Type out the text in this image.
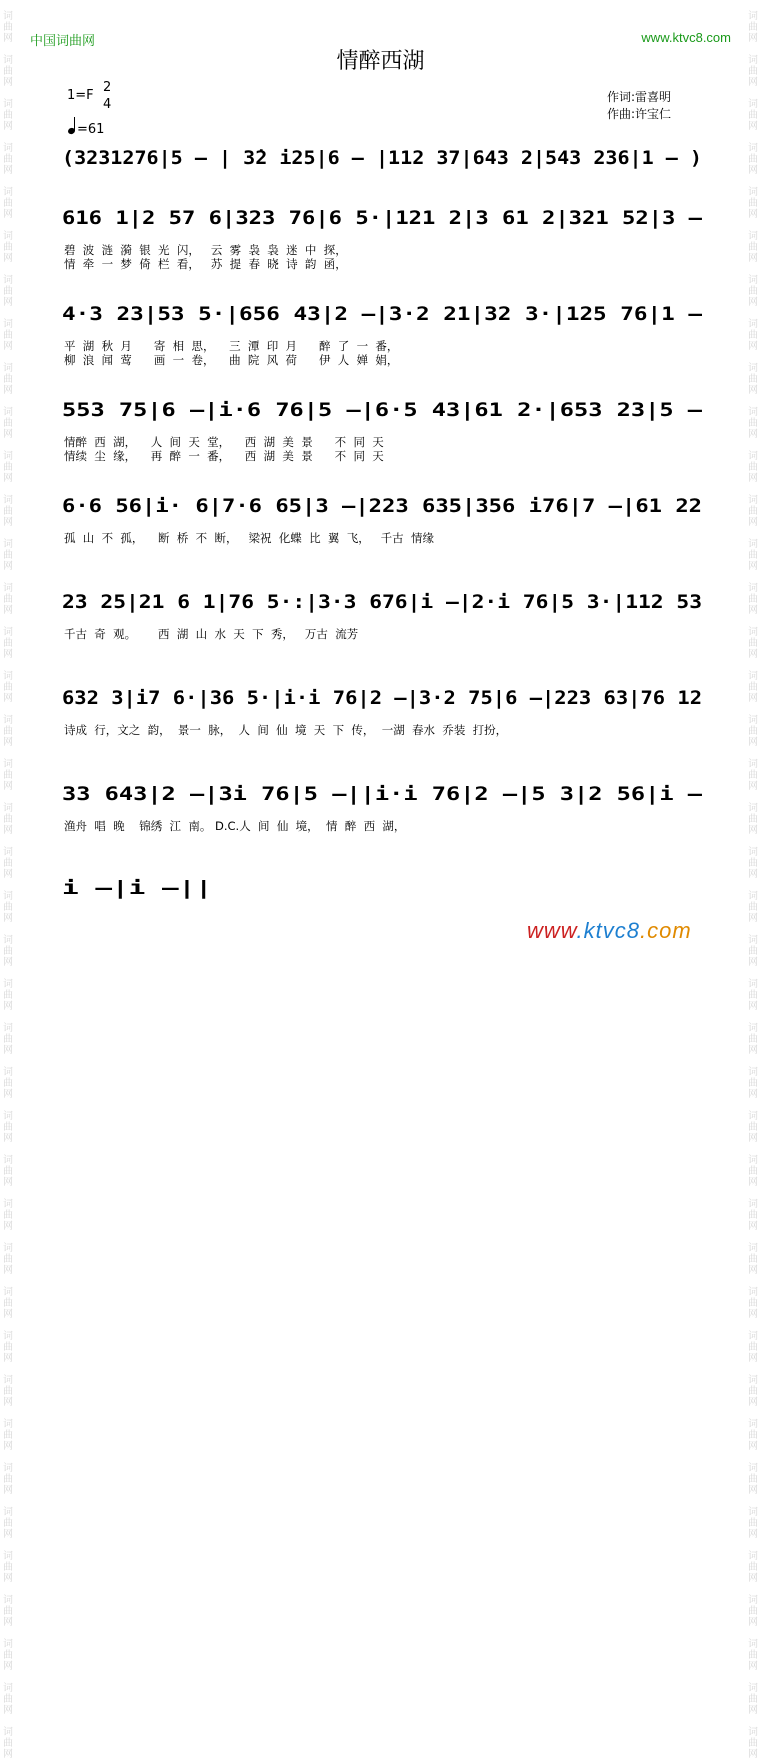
词
曲
网

词
曲
网

词
曲
网

词
曲
网

词
曲
网

词
曲
网

词
曲
网

词
曲
网

词
曲
网

词
曲
网

词
曲
网

词
曲
网

词
曲
网

词
曲
网

词
曲
网

词
曲
网

词
曲
网

词
曲
网

词
曲
网

词
曲
网

词
曲
网

词
曲
网

词
曲
网

词
曲
网

词
曲
网

词
曲
网

词
曲
网

词
曲
网

词
曲
网

词
曲
网

词
曲
网

词
曲
网

词
曲
网

词
曲
网

词
曲
网

词
曲
网

词
曲
网

词
曲
网

词
曲
网

词
曲
网

词
曲
网

词
曲
网

词
曲
网

词
曲
网

词
曲
网

词
曲
网

词
曲
网

词
曲
网

词
曲
网

词
曲
网

词
曲
网

词
曲
网

词
曲
网

词
曲
网

词
曲
网

词
曲
网

词
曲
网

词
曲
网

词
曲
网

词
曲
网

词
曲
网

词
曲
网

词
曲
网

词
曲
网

词
曲
网

词
曲
网

词
曲
网

词
曲
网

词
曲
网

词
曲
网

词
曲
网

词
曲
网

词
曲
网

词
曲
网

词
曲
网

词
曲
网

词
曲
网

词
曲
网

词
曲
网

词
曲
网

中国词曲网	www.ktvc8.com
情醉西湖
1=F
2
4
=61
作词:雷喜明
作曲:许宝仁
(3231276|5 – | 3̇2 i25|6 – |112 37|643 2|543 236|1 – )
616 1|2 57 6|323 76|6 5·|121 2|3 61 2|321 52|3 –
碧  波  涟  漪  银  光  闪，   云  雾  袅  袅  迷  中  探，
情  牵  一  梦  倚  栏  看，   苏  提  春  晓  诗  韵  函，
4·3 23|53 5·|656 43|2 –|3·2 21|32 3·|125 76|1 –
平  湖  秋  月      寄  相  思，    三  潭  印  月      醉  了  一  番，
柳  浪  闻  莺      画  一  卷，    曲  院  风  荷      伊  人  婵  娟，
553 75|6 –|i·6 76|5 –|6·5 43|61 2·|653 23|5 –
情醉  西  湖，    人  间  天  堂，    西  湖  美  景      不  同  天
情续  尘  缘，    再  醉  一  番，    西  湖  美  景      不  同  天
6·6 56|i· 6|7·6 65|3 –|223 635|356 i76|7 –|61 22
孤  山  不  孤，    断  桥  不  断，   梁祝  化蝶  比  翼  飞，   千古  情缘
23 25|21 6 1|76 5·:|3·3 676|i –|2·i 76|5 3·|112 53
千古  奇  观。      西  湖  山  水  天  下  秀，   万古  流芳
632 3|i7 6·|36 5·|i·i 76|2 –|3·2 75|6 –|223 63|76 12
诗成  行，文之  韵，  景一  脉，  人  间  仙  境  天  下  传，  一湖  春水  乔装  打扮，
33 643|2 –|3i 76|5 –||i·i 76|2 –|5 3|2 56|i –
渔舟  唱  晚    锦绣  江  南。 D.C.人  间  仙  境，  情  醉  西  湖，
i –|i –||
www.ktvc8.com
